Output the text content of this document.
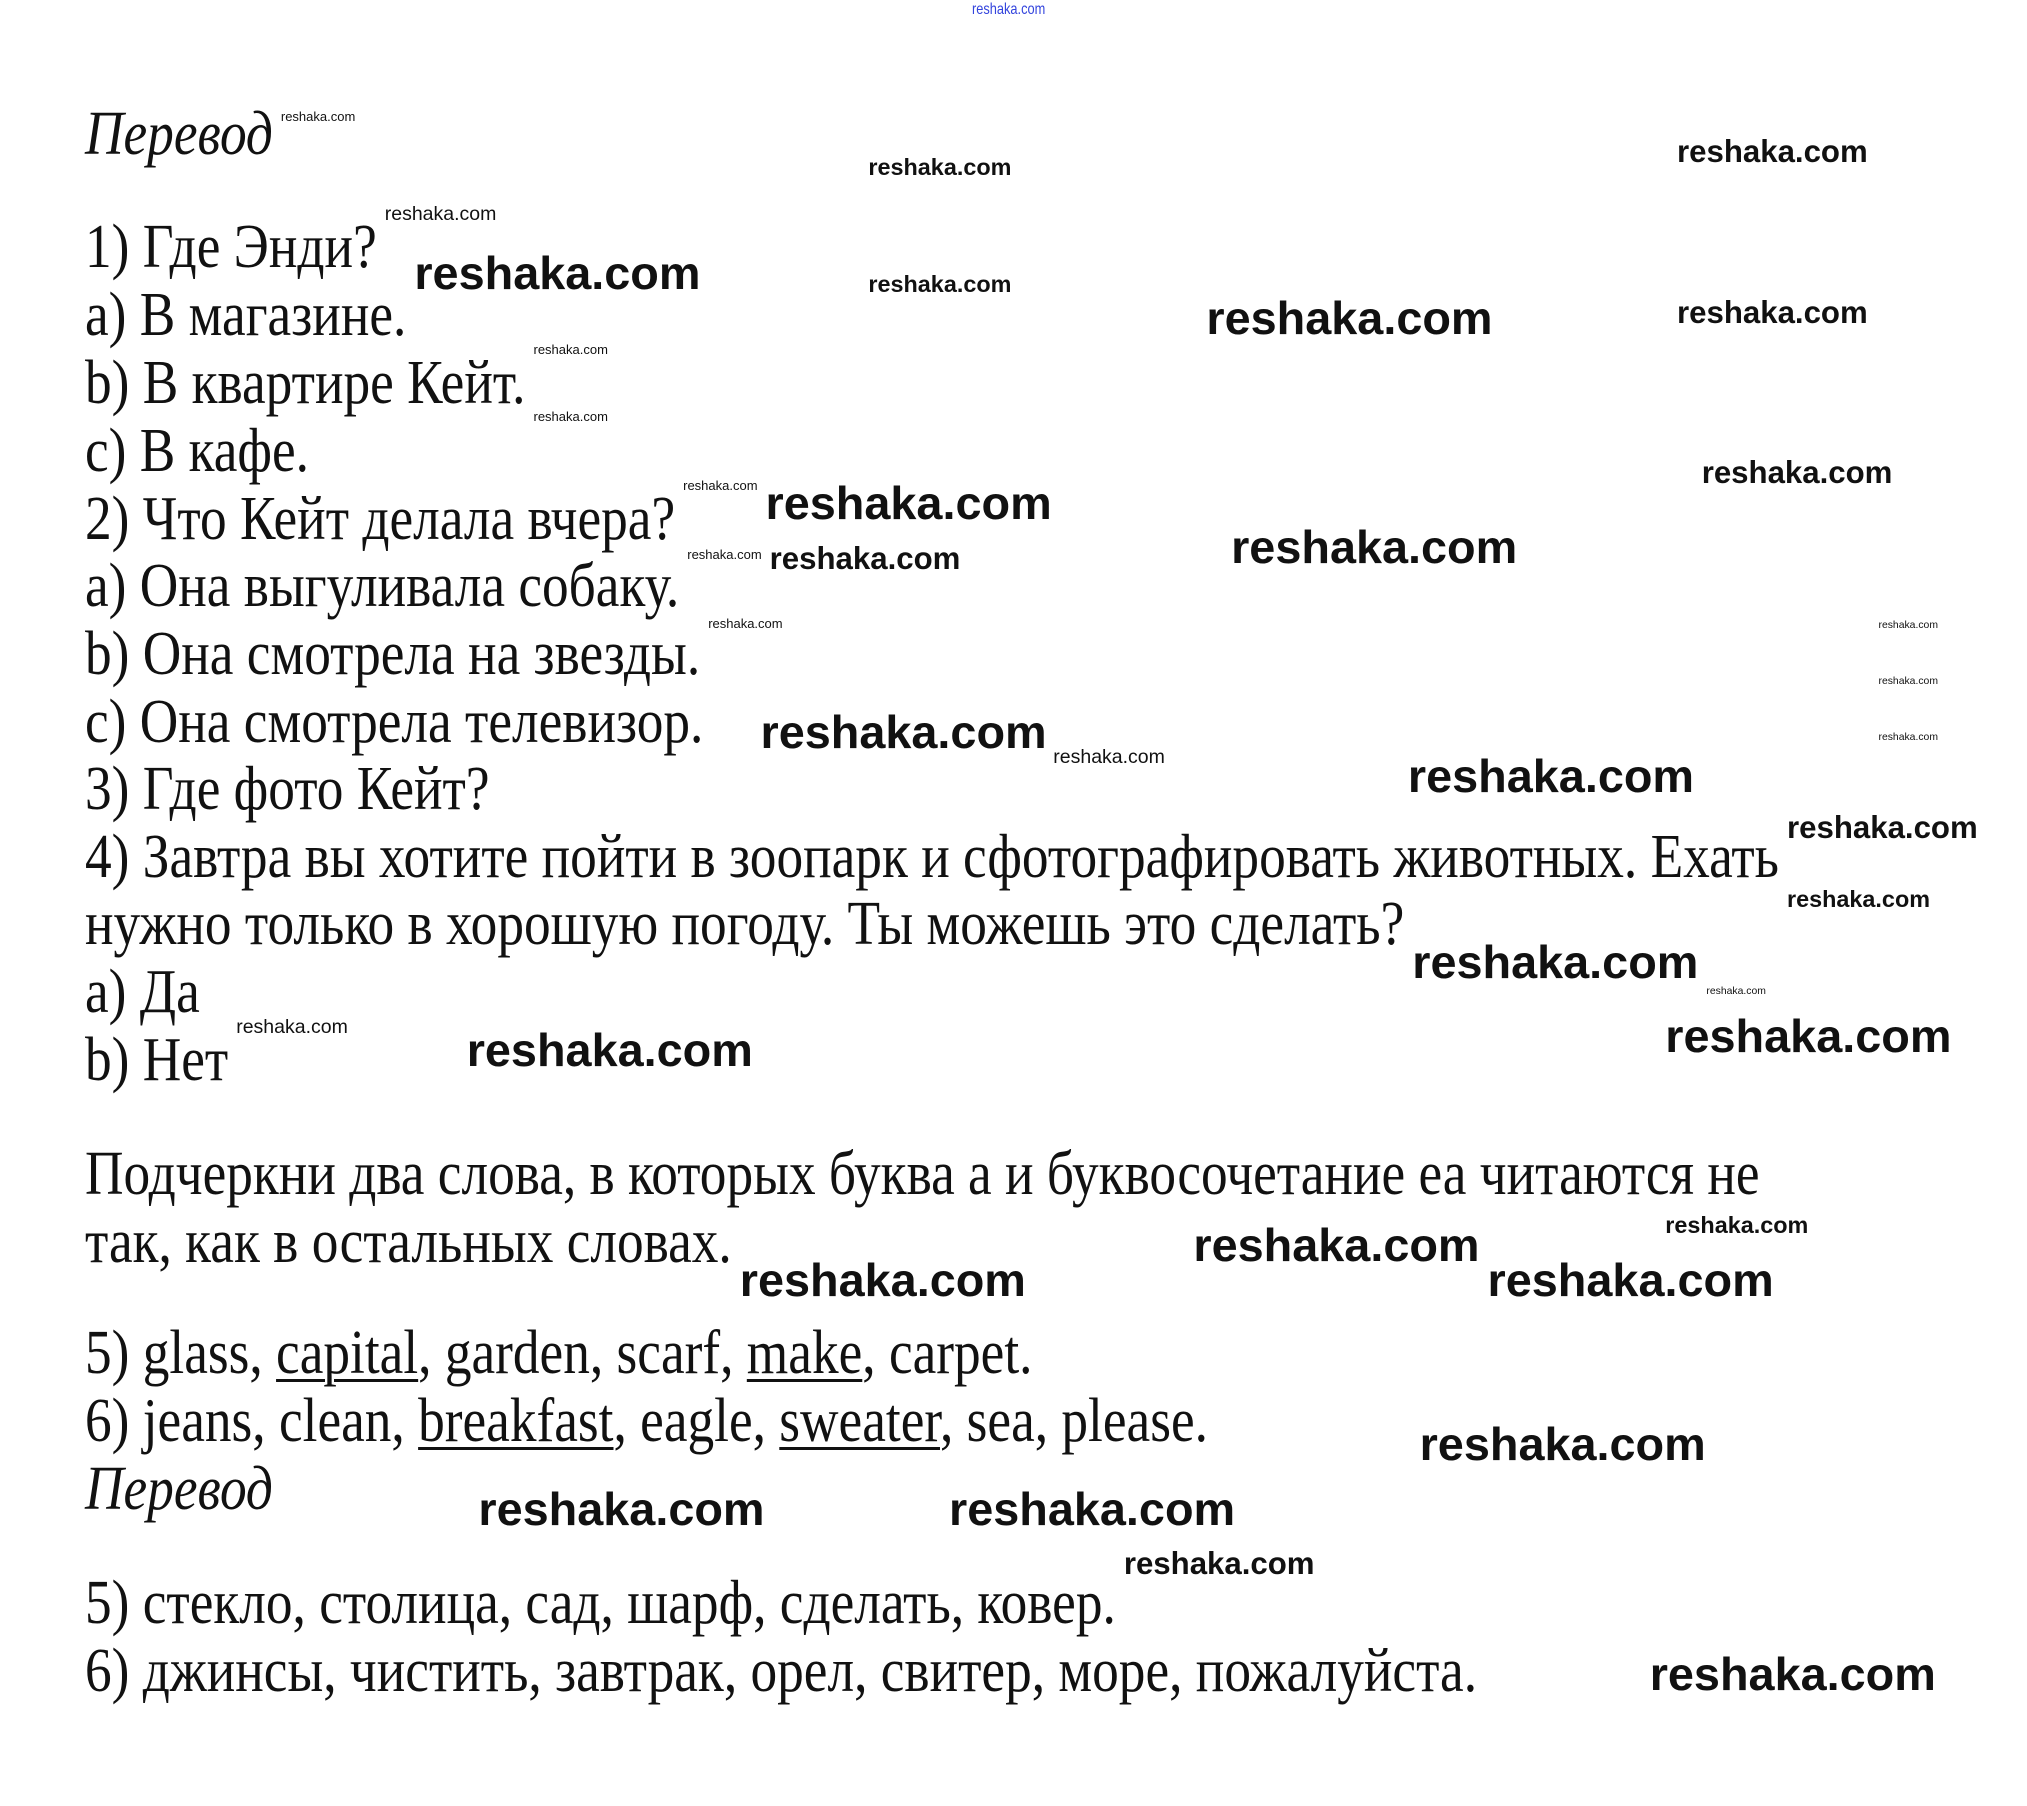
reshaka.com
Перевод
1) Где Энди?
a) В магазине.
b) В квартире Кейт.
c) В кафе.
2) Что Кейт делала вчера?
a) Она выгуливала собаку.
b) Она смотрела на звезды.
c) Она смотрела телевизор.
3) Где фото Кейт?
4) Завтра вы хотите пойти в зоопарк и сфотографировать животных. Ехать
нужно только в хорошую погоду. Ты можешь это сделать?
a) Да
b) Нет
Подчеркни два слова, в которых буква а и буквосочетание еа читаются не
так, как в остальных словах.
5) glass, capital, garden, scarf, make, carpet.
6) jeans, clean, breakfast, eagle, sweater, sea, please.
Перевод
5) стекло, столица, сад, шарф, сделать, ковер.
6) джинсы, чистить, завтрак, орел, свитер, море, пожалуйста.
reshaka.com
reshaka.com	reshaka.com
reshaka.com
reshaka.com	reshaka.com
reshaka.com	reshaka.com
reshaka.com
reshaka.com
reshaka.com
reshaka.com reshaka.com
reshaka.com
reshaka.com reshaka.com
reshaka.com	reshaka.com
reshaka.com
reshaka.com
reshaka.com reshaka.com	reshaka.com
reshaka.com
reshaka.com
reshaka.com
reshaka.com
reshaka.com
reshaka.com	reshaka.com
reshaka.com	reshaka.com
reshaka.com	reshaka.com
reshaka.com
reshaka.com	reshaka.com
reshaka.com
reshaka.com
